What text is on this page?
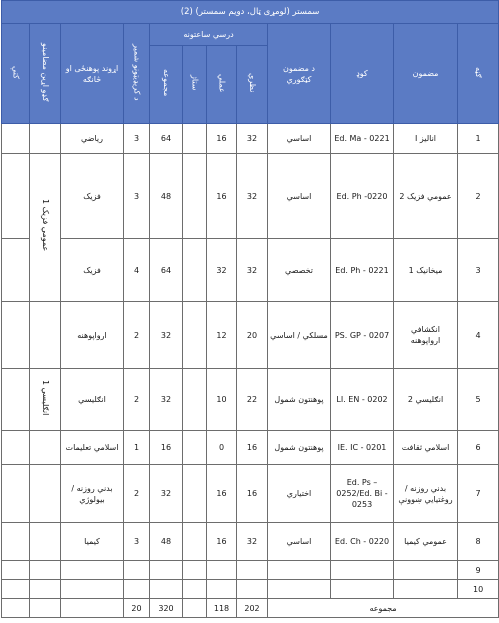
(2) سمستر (لومړی ټال، دویم سمستر)											
کتې	ګډو اړین مضامینو	اړوند پوهنځی او څانګه	د کریډیټونو شمیر	درسي ساعتونه				د مضمون کټګوري	کوډ	مضمون	ګڼه
				مجموعه	ستاژ	عملي	نظري				
		ریاضي	3	64		16	32	اساسي	Ed. Ma - 0221	انالیز I	1
	عمومي فزیک 1	فزیک	3	48		16	32	اساسي	Ed. Ph -0220	عمومي فزیک 2	2
		فزیک	4	64		32	32	تخصصي	Ed. Ph - 0221	میخانیک 1	3
		ارواپوهنه	2	32		12	20	مسلکي / اساسي	PS. GP - 0207	انکشافي ارواپوهنه	4
	انګلیسي 1	انګلیسي	2	32		10	22	پوهنتون شمول	LI. EN - 0202	انګلیسي 2	5
		اسلامي تعلیمات	1	16		0	16	پوهنتون شمول	IE. IC - 0201	اسلامي ثقافت	6
		بدني روزنه / بیولوژي	2	32		16	16	اختیاري	Ed. Ps – 0252/Ed. Bi - 0253	بدني روزنه / روغتیايي ښوونې	7
		کیمیا	3	48		16	32	اساسي	Ed. Ch - 0220	عمومي کیمیا	8
											9
											10
			20	320		118	202	مجموعه			
